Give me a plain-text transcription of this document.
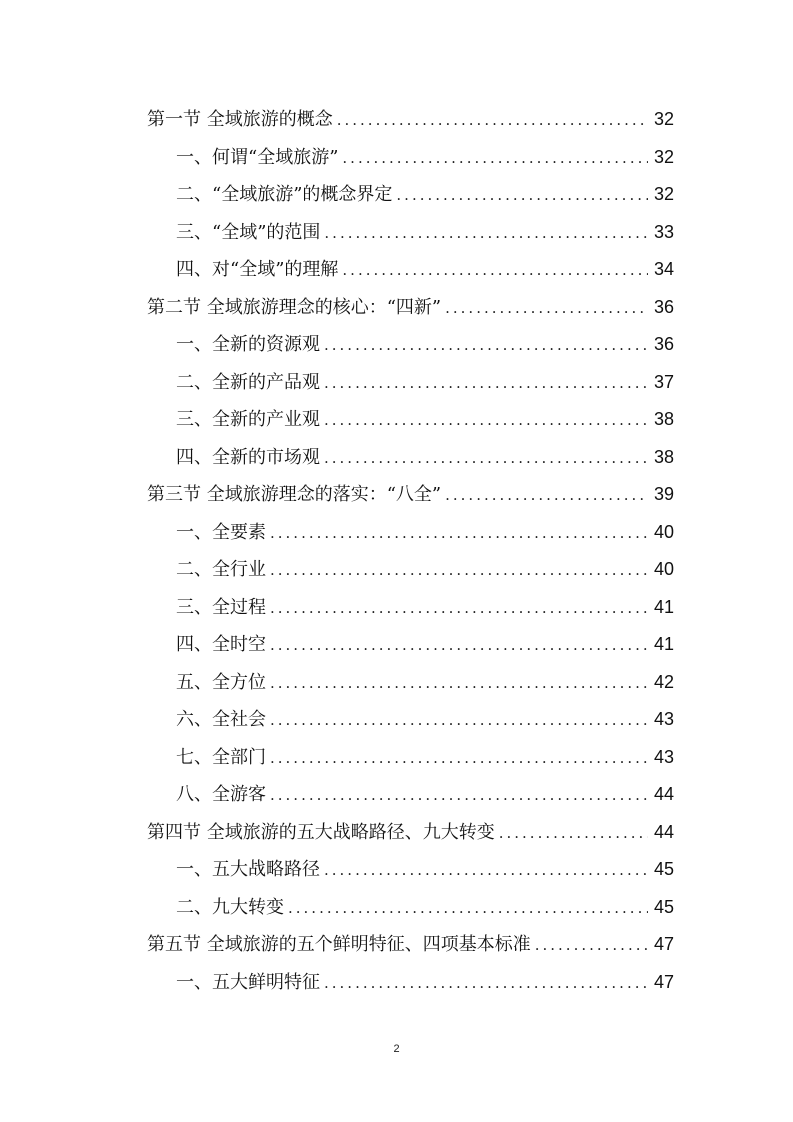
第一节 全域旅游的概念 .....	32
一、何谓“全域旅游” .....	32
二、“全域旅游”的概念界定 .....	32
三、“全域”的范围 .....	33
四、对“全域”的理解 .....	34
第二节 全域旅游理念的核心：“四新” .....	36
一、全新的资源观 .....	36
二、全新的产品观 .....	37
三、全新的产业观 .....	38
四、全新的市场观 .....	38
第三节 全域旅游理念的落实：“八全” .....	39
一、全要素 .....	40
二、全行业 .....	40
三、全过程 .....	41
四、全时空 .....	41
五、全方位 .....	42
六、全社会 .....	43
七、全部门 .....	43
八、全游客 .....	44
第四节 全域旅游的五大战略路径、九大转变 .....	44
一、五大战略路径 .....	45
二、九大转变 .....	45
第五节 全域旅游的五个鲜明特征、四项基本标准 .....	47
一、五大鲜明特征 .....	47
2
